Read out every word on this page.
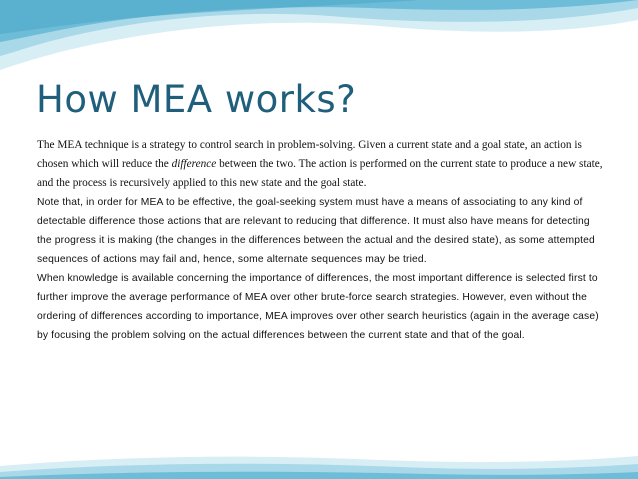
How MEA works?

The MEA technique is a strategy to control search in problem-solving. Given a current state and a goal state, an action is chosen which will reduce the difference between the two. The action is performed on the current state to produce a new state, and the process is recursively applied to this new state and the goal state.

Note that, in order for MEA to be effective, the goal-seeking system must have a means of associating to any kind of detectable difference those actions that are relevant to reducing that difference. It must also have means for detecting the progress it is making (the changes in the differences between the actual and the desired state), as some attempted sequences of actions may fail and, hence, some alternate sequences may be tried.

When knowledge is available concerning the importance of differences, the most important difference is selected first to further improve the average performance of MEA over other brute-force search strategies. However, even without the ordering of differences according to importance, MEA improves over other search heuristics (again in the average case) by focusing the problem solving on the actual differences between the current state and that of the goal.
